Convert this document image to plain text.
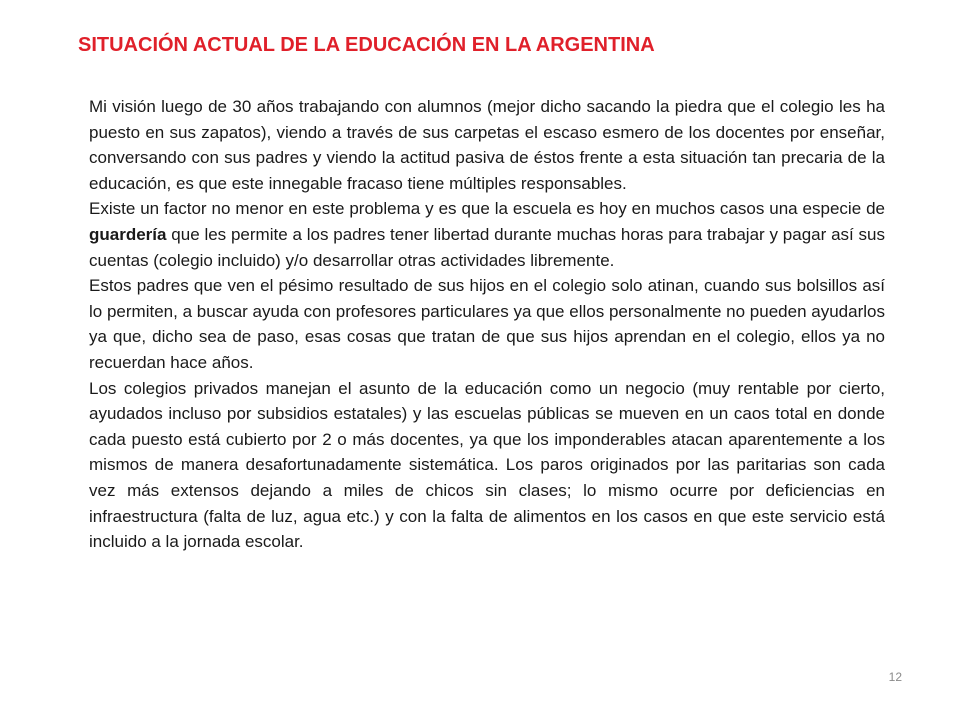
SITUACIÓN ACTUAL DE LA EDUCACIÓN EN LA ARGENTINA

Mi visión luego de 30 años trabajando con alumnos (mejor dicho sacando la piedra que el colegio les ha puesto en sus zapatos), viendo a través de sus carpetas el escaso esmero de los docentes por enseñar, conversando con sus padres y viendo la actitud pasiva de éstos frente a esta situación tan precaria de la educación, es que este innegable fracaso tiene múltiples responsables.

Existe un factor no menor en este problema y es que la escuela es hoy en muchos casos una especie de guardería que les permite a los padres tener libertad durante muchas horas para trabajar y pagar así sus cuentas (colegio incluido) y/o desarrollar otras actividades libremente.

Estos padres que ven el pésimo resultado de sus hijos en el colegio solo atinan, cuando sus bolsillos así lo permiten, a buscar ayuda con profesores particulares ya que ellos personalmente no pueden ayudarlos ya que, dicho sea de paso, esas cosas que tratan de que sus hijos aprendan en el colegio, ellos ya no recuerdan hace años.

Los colegios privados manejan el asunto de la educación como un negocio (muy rentable por cierto, ayudados incluso por subsidios estatales) y las escuelas públicas se mueven en un caos total en donde cada puesto está cubierto por 2 o más docentes, ya que los imponderables atacan aparentemente a los mismos de manera desafortunadamente sistemática. Los paros originados por las paritarias son cada vez más extensos dejando a miles de chicos sin clases; lo mismo ocurre por deficiencias en infraestructura (falta de luz, agua etc.) y con la falta de alimentos en los casos en que este servicio está incluido a la jornada escolar.

12
